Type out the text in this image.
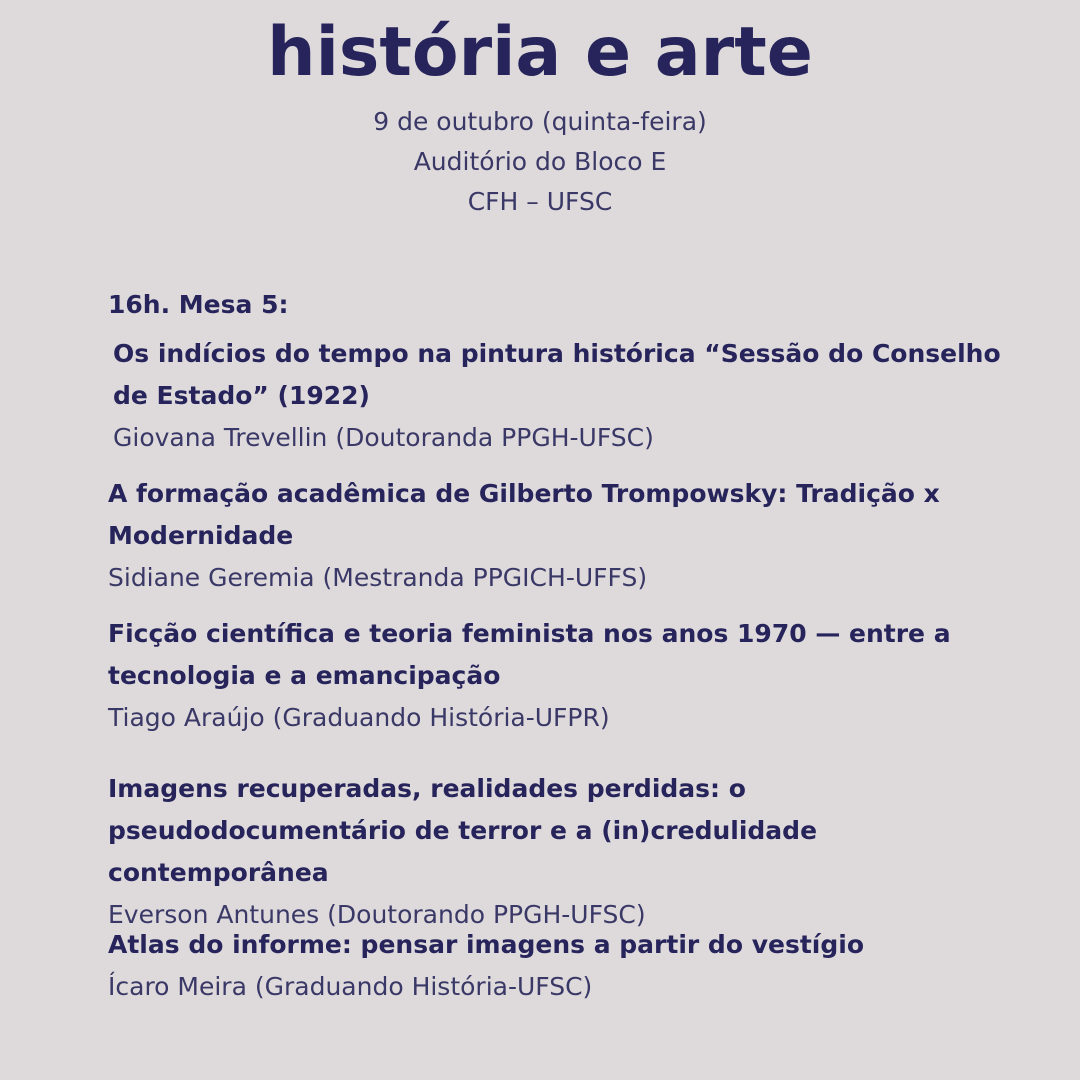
história e arte

9 de outubro (quinta-feira)

Auditório do Bloco E

CFH – UFSC

16h. Mesa 5:

Os indícios do tempo na pintura histórica “Sessão do Conselho de Estado” (1922)

Giovana Trevellin (Doutoranda PPGH-UFSC)

A formação acadêmica de Gilberto Trompowsky: Tradição x Modernidade

Sidiane Geremia (Mestranda PPGICH-UFFS)

Ficção científica e teoria feminista nos anos 1970 — entre a tecnologia e a emancipação

Tiago Araújo (Graduando História-UFPR)

Imagens recuperadas, realidades perdidas: o pseudodocumentário de terror e a (in)credulidade contemporânea

Everson Antunes (Doutorando PPGH-UFSC)

Atlas do informe: pensar imagens a partir do vestígio

Ícaro Meira (Graduando História-UFSC)
